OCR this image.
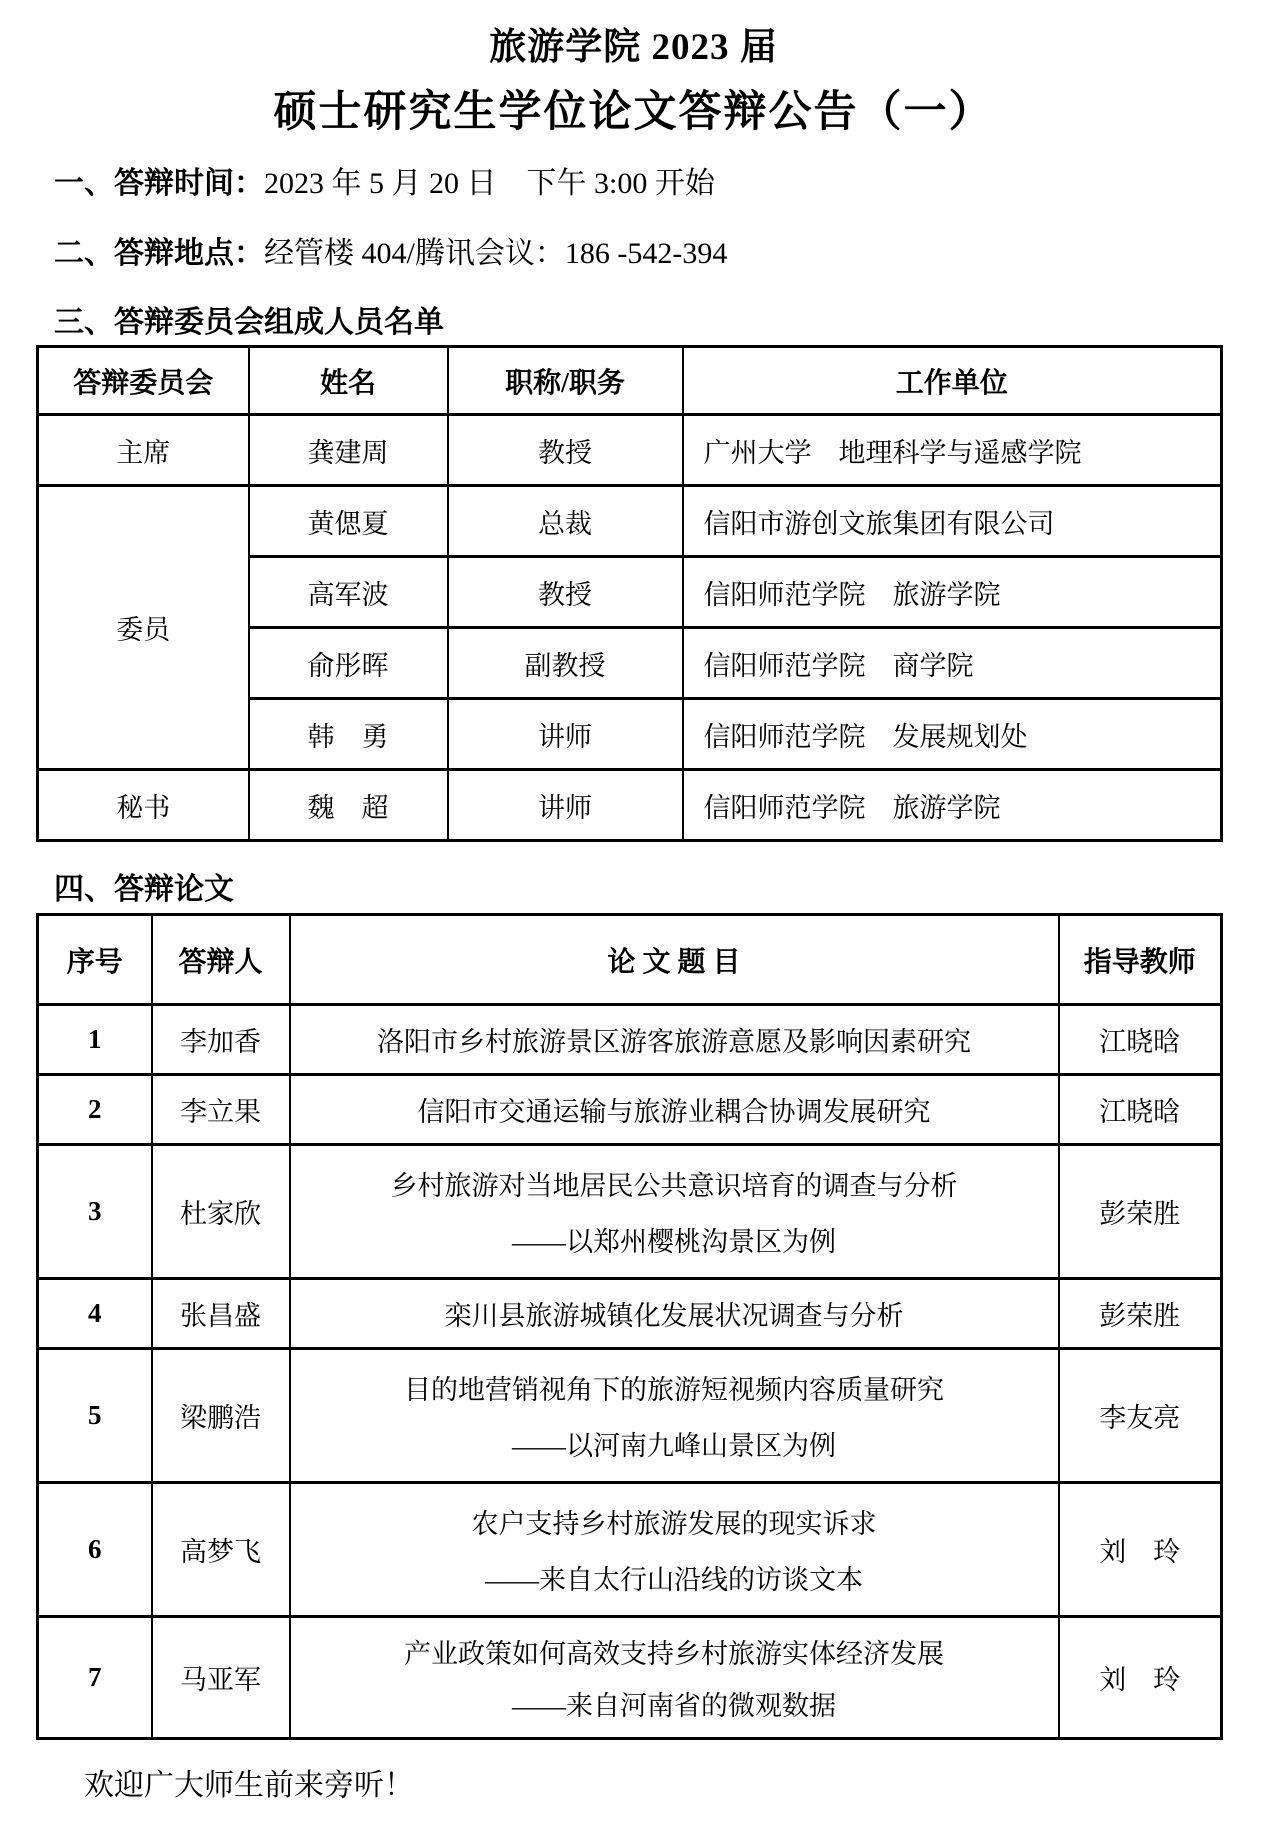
旅游学院 2023 届
硕士研究生学位论文答辩公告（一）
一、答辩时间：2023 年 5 月 20 日　下午 3:00 开始
二、答辩地点：经管楼 404/腾讯会议：186 -542-394
三、答辩委员会组成人员名单
答辩委员会	姓名	职称/职务	工作单位
主席	龚建周	教授	广州大学　地理科学与遥感学院
委员	黄偲夏	总裁	信阳市游创文旅集团有限公司
	高军波	教授	信阳师范学院　旅游学院
	俞彤晖	副教授	信阳师范学院　商学院
	韩　勇	讲师	信阳师范学院　发展规划处
秘书	魏　超	讲师	信阳师范学院　旅游学院
四、答辩论文
序号	答辩人	论 文 题 目	指导教师
1	李加香	洛阳市乡村旅游景区游客旅游意愿及影响因素研究	江晓晗
2	李立果	信阳市交通运输与旅游业耦合协调发展研究	江晓晗
3	杜家欣	乡村旅游对当地居民公共意识培育的调查与分析
——以郑州樱桃沟景区为例	彭荣胜
4	张昌盛	栾川县旅游城镇化发展状况调查与分析	彭荣胜
5	梁鹏浩	目的地营销视角下的旅游短视频内容质量研究
——以河南九峰山景区为例	李友亮
6	高梦飞	农户支持乡村旅游发展的现实诉求
——来自太行山沿线的访谈文本	刘　玲
7	马亚军	产业政策如何高效支持乡村旅游实体经济发展
——来自河南省的微观数据	刘　玲
欢迎广大师生前来旁听！
